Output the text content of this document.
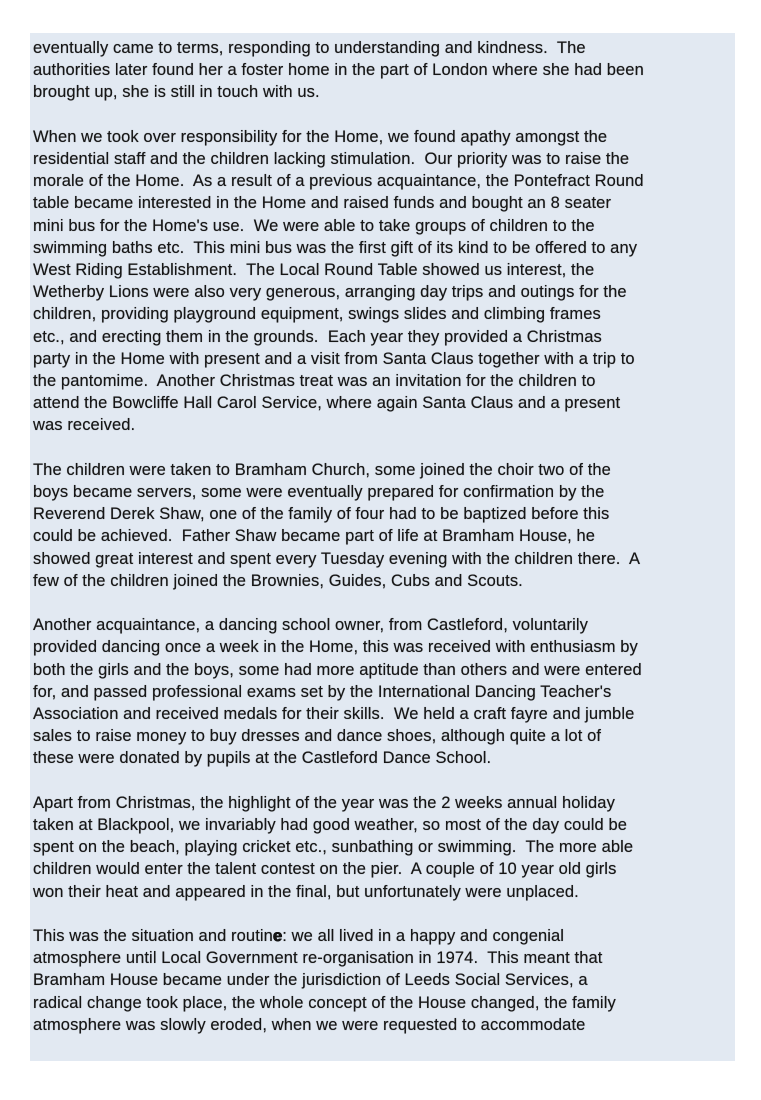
eventually came to terms, responding to understanding and kindness.  The
authorities later found her a foster home in the part of London where she had been
brought up, she is still in touch with us.

When we took over responsibility for the Home, we found apathy amongst the
residential staff and the children lacking stimulation.  Our priority was to raise the
morale of the Home.  As a result of a previous acquaintance, the Pontefract Round
table became interested in the Home and raised funds and bought an 8 seater
mini bus for the Home's use.  We were able to take groups of children to the
swimming baths etc.  This mini bus was the first gift of its kind to be offered to any
West Riding Establishment.  The Local Round Table showed us interest, the
Wetherby Lions were also very generous, arranging day trips and outings for the
children, providing playground equipment, swings slides and climbing frames
etc., and erecting them in the grounds.  Each year they provided a Christmas
party in the Home with present and a visit from Santa Claus together with a trip to
the pantomime.  Another Christmas treat was an invitation for the children to
attend the Bowcliffe Hall Carol Service, where again Santa Claus and a present
was received.

The children were taken to Bramham Church, some joined the choir two of the
boys became servers, some were eventually prepared for confirmation by the
Reverend Derek Shaw, one of the family of four had to be baptized before this
could be achieved.  Father Shaw became part of life at Bramham House, he
showed great interest and spent every Tuesday evening with the children there.  A
few of the children joined the Brownies, Guides, Cubs and Scouts.

Another acquaintance, a dancing school owner, from Castleford, voluntarily
provided dancing once a week in the Home, this was received with enthusiasm by
both the girls and the boys, some had more aptitude than others and were entered
for, and passed professional exams set by the International Dancing Teacher's
Association and received medals for their skills.  We held a craft fayre and jumble
sales to raise money to buy dresses and dance shoes, although quite a lot of
these were donated by pupils at the Castleford Dance School.

Apart from Christmas, the highlight of the year was the 2 weeks annual holiday
taken at Blackpool, we invariably had good weather, so most of the day could be
spent on the beach, playing cricket etc., sunbathing or swimming.  The more able
children would enter the talent contest on the pier.  A couple of 10 year old girls
won their heat and appeared in the final, but unfortunately were unplaced.

This was the situation and routine: we all lived in a happy and congenial
atmosphere until Local Government re-organisation in 1974.  This meant that
Bramham House became under the jurisdiction of Leeds Social Services, a
radical change took place, the whole concept of the House changed, the family
atmosphere was slowly eroded, when we were requested to accommodate
